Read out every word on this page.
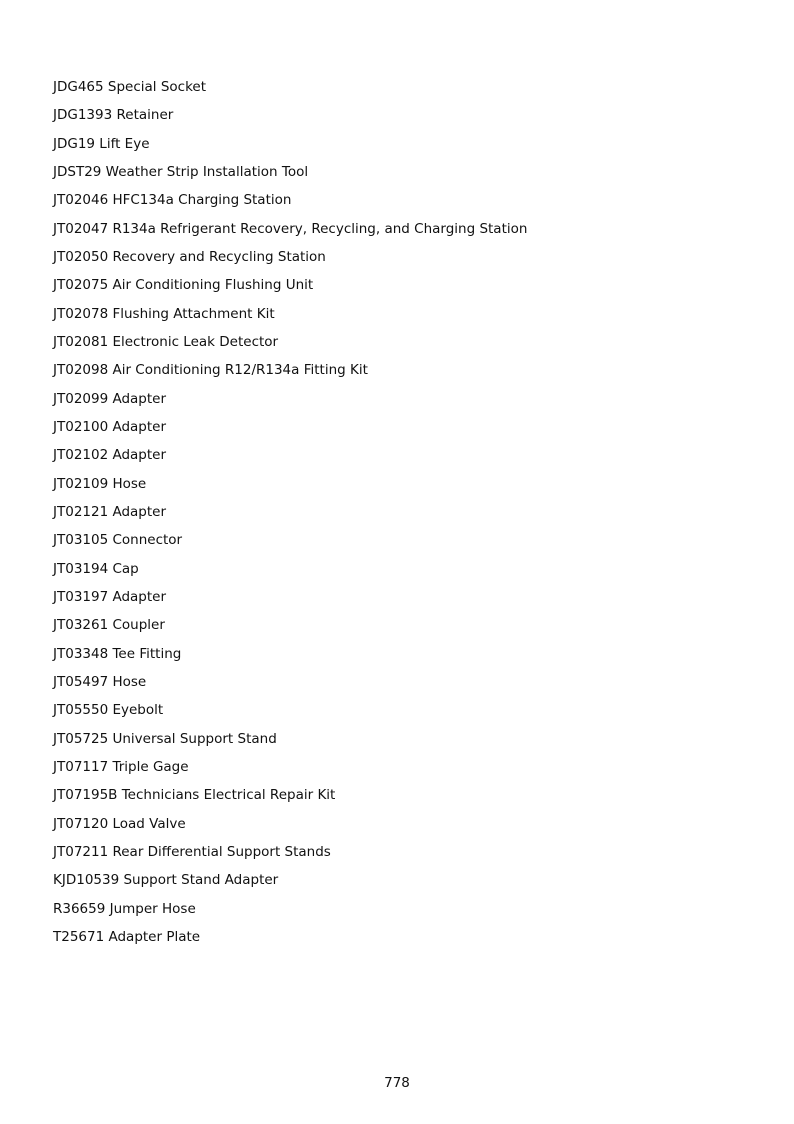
JDG465 Special Socket
JDG1393 Retainer
JDG19 Lift Eye
JDST29 Weather Strip Installation Tool
JT02046 HFC134a Charging Station
JT02047 R134a Refrigerant Recovery, Recycling, and Charging Station
JT02050 Recovery and Recycling Station
JT02075 Air Conditioning Flushing Unit
JT02078 Flushing Attachment Kit
JT02081 Electronic Leak Detector
JT02098 Air Conditioning R12/R134a Fitting Kit
JT02099 Adapter
JT02100 Adapter
JT02102 Adapter
JT02109 Hose
JT02121 Adapter
JT03105 Connector
JT03194 Cap
JT03197 Adapter
JT03261 Coupler
JT03348 Tee Fitting
JT05497 Hose
JT05550 Eyebolt
JT05725 Universal Support Stand
JT07117 Triple Gage
JT07195B Technicians Electrical Repair Kit
JT07120 Load Valve
JT07211 Rear Differential Support Stands
KJD10539 Support Stand Adapter
R36659 Jumper Hose
T25671 Adapter Plate
778
